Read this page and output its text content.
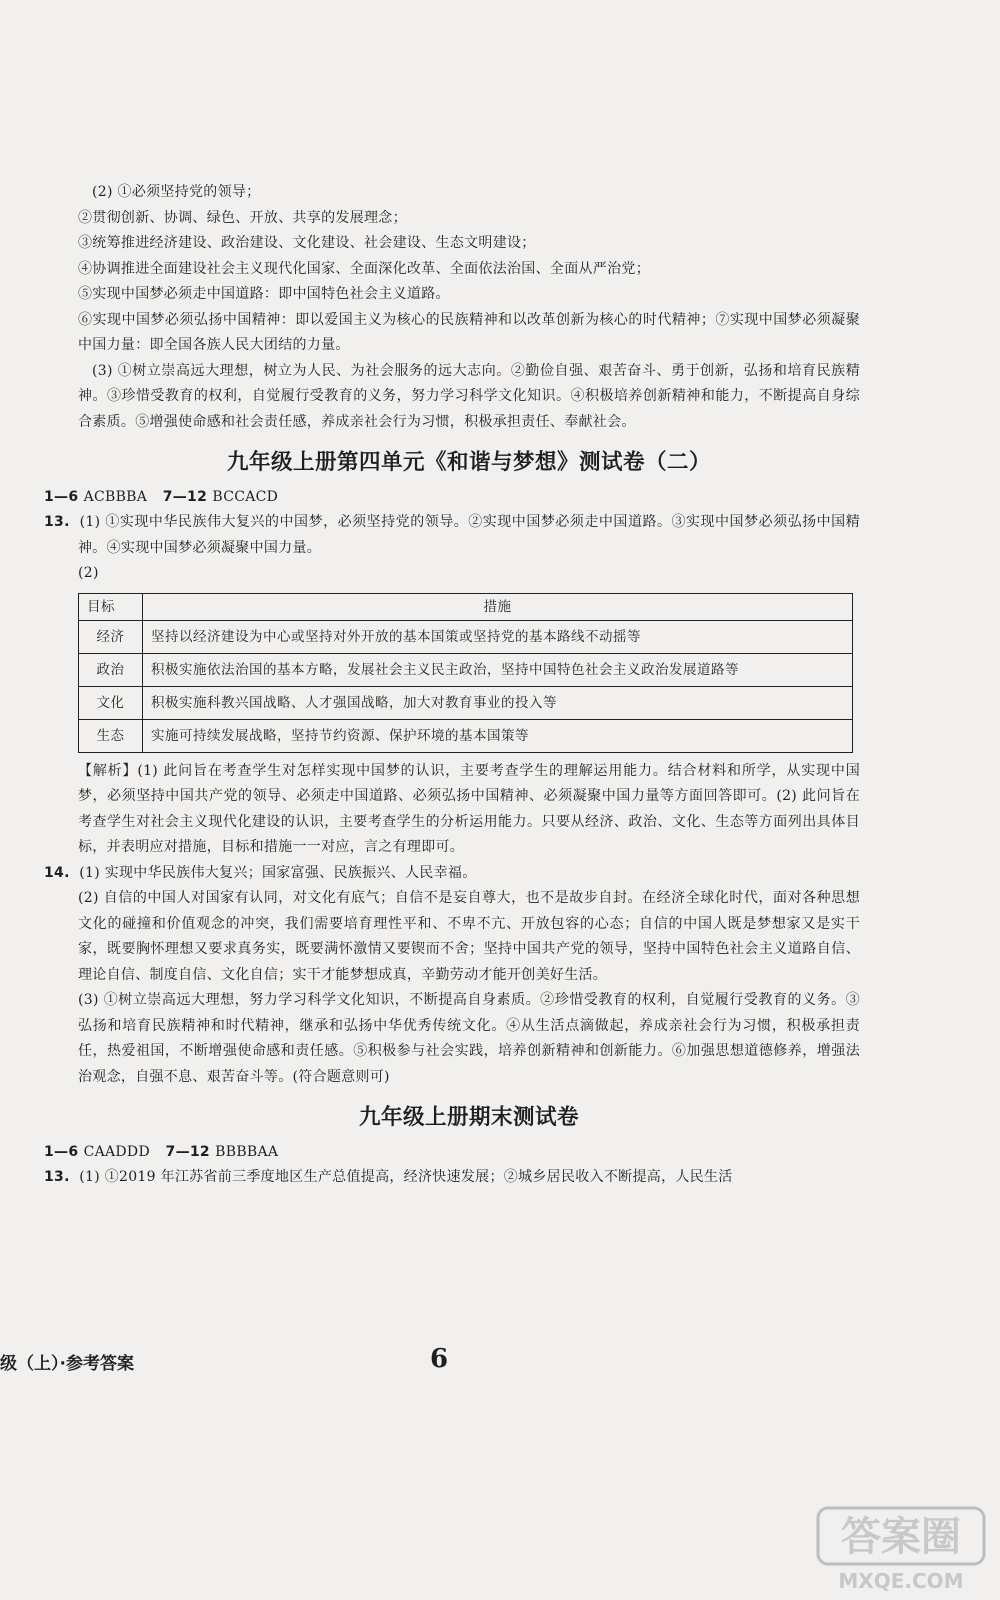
(2) ①必须坚持党的领导；

②贯彻创新、协调、绿色、开放、共享的发展理念；

③统筹推进经济建设、政治建设、文化建设、社会建设、生态文明建设；

④协调推进全面建设社会主义现代化国家、全面深化改革、全面依法治国、全面从严治党；

⑤实现中国梦必须走中国道路：即中国特色社会主义道路。

⑥实现中国梦必须弘扬中国精神：即以爱国主义为核心的民族精神和以改革创新为核心的时代精神；⑦实现中国梦必须凝聚中国力量：即全国各族人民大团结的力量。

(3) ①树立崇高远大理想，树立为人民、为社会服务的远大志向。②勤俭自强、艰苦奋斗、勇于创新，弘扬和培育民族精神。③珍惜受教育的权利，自觉履行受教育的义务，努力学习科学文化知识。④积极培养创新精神和能力，不断提高自身综合素质。⑤增强使命感和社会责任感，养成亲社会行为习惯，积极承担责任、奉献社会。

九年级上册第四单元《和谐与梦想》测试卷（二）
1—6 ACBBBA 7—12 BCCACD

13. (1) ①实现中华民族伟大复兴的中国梦，必须坚持党的领导。②实现中国梦必须走中国道路。③实现中国梦必须弘扬中国精神。④实现中国梦必须凝聚中国力量。

(2)

目标	措施
经济	坚持以经济建设为中心或坚持对外开放的基本国策或坚持党的基本路线不动摇等
政治	积极实施依法治国的基本方略，发展社会主义民主政治，坚持中国特色社会主义政治发展道路等
文化	积极实施科教兴国战略、人才强国战略，加大对教育事业的投入等
生态	实施可持续发展战略，坚持节约资源、保护环境的基本国策等

【解析】(1) 此问旨在考查学生对怎样实现中国梦的认识，主要考查学生的理解运用能力。结合材料和所学，从实现中国梦，必须坚持中国共产党的领导、必须走中国道路、必须弘扬中国精神、必须凝聚中国力量等方面回答即可。(2) 此问旨在考查学生对社会主义现代化建设的认识，主要考查学生的分析运用能力。只要从经济、政治、文化、生态等方面列出具体目标，并表明应对措施，目标和措施一一对应，言之有理即可。

14. (1) 实现中华民族伟大复兴；国家富强、民族振兴、人民幸福。

(2) 自信的中国人对国家有认同，对文化有底气；自信不是妄自尊大，也不是故步自封。在经济全球化时代，面对各种思想文化的碰撞和价值观念的冲突，我们需要培育理性平和、不卑不亢、开放包容的心态；自信的中国人既是梦想家又是实干家，既要胸怀理想又要求真务实，既要满怀激情又要锲而不舍；坚持中国共产党的领导，坚持中国特色社会主义道路自信、理论自信、制度自信、文化自信；实干才能梦想成真，辛勤劳动才能开创美好生活。

(3) ①树立崇高远大理想，努力学习科学文化知识，不断提高自身素质。②珍惜受教育的权利，自觉履行受教育的义务。③弘扬和培育民族精神和时代精神，继承和弘扬中华优秀传统文化。④从生活点滴做起，养成亲社会行为习惯，积极承担责任，热爱祖国，不断增强使命感和责任感。⑤积极参与社会实践，培养创新精神和创新能力。⑥加强思想道德修养，增强法治观念，自强不息、艰苦奋斗等。(符合题意则可)

九年级上册期末测试卷
1—6 CAADDD 7—12 BBBBAA

13. (1) ①2019 年江苏省前三季度地区生产总值提高，经济快速发展；②城乡居民收入不断提高，人民生活

级（上）·参考答案	6
答案圈
MXQE.COM
